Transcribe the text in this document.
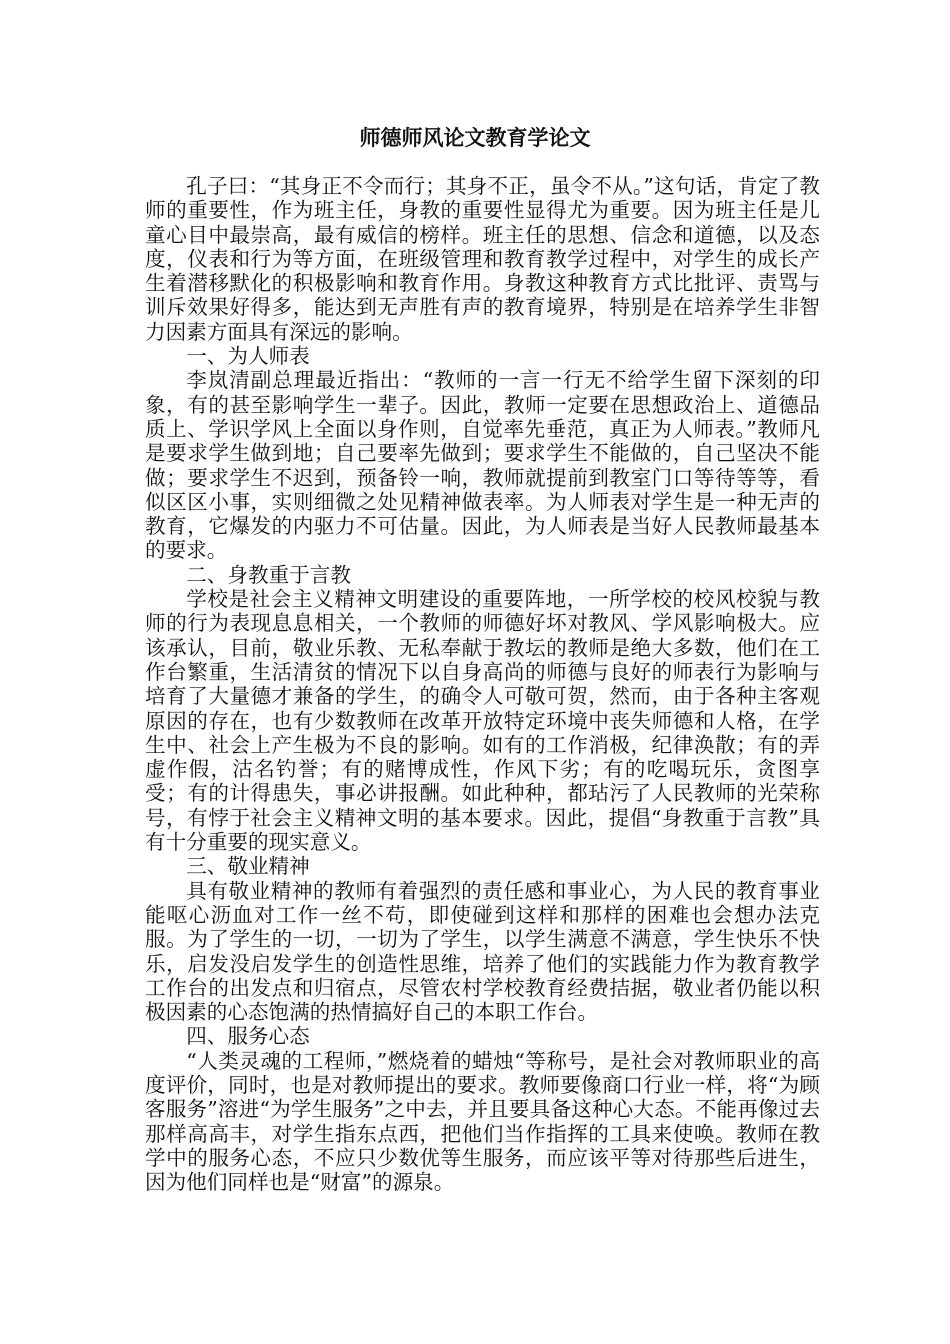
师德师风论文教育学论文

孔子曰：“其身正不令而行；其身不正，虽令不从。”这句话，肯定了教师的重要性，作为班主任，身教的重要性显得尤为重要。因为班主任是儿童心目中最崇高，最有威信的榜样。班主任的思想、信念和道德，以及态度，仪表和行为等方面，在班级管理和教育教学过程中，对学生的成长产生着潜移默化的积极影响和教育作用。身教这种教育方式比批评、责骂与训斥效果好得多，能达到无声胜有声的教育境界，特别是在培养学生非智力因素方面具有深远的影响。

一、为人师表

李岚清副总理最近指出：“教师的一言一行无不给学生留下深刻的印象，有的甚至影响学生一辈子。因此，教师一定要在思想政治上、道德品质上、学识学风上全面以身作则，自觉率先垂范，真正为人师表。”教师凡是要求学生做到地；自己要率先做到；要求学生不能做的，自己坚决不能做；要求学生不迟到，预备铃一响，教师就提前到教室门口等待等等，看似区区小事，实则细微之处见精神做表率。为人师表对学生是一种无声的教育，它爆发的内驱力不可估量。因此，为人师表是当好人民教师最基本的要求。

二、身教重于言教

学校是社会主义精神文明建设的重要阵地，一所学校的校风校貌与教师的行为表现息息相关，一个教师的师德好坏对教风、学风影响极大。应该承认，目前，敬业乐教、无私奉献于教坛的教师是绝大多数，他们在工作台繁重，生活清贫的情况下以自身高尚的师德与良好的师表行为影响与培育了大量德才兼备的学生，的确令人可敬可贺，然而，由于各种主客观原因的存在，也有少数教师在改革开放特定环境中丧失师德和人格，在学生中、社会上产生极为不良的影响。如有的工作消极，纪律涣散；有的弄虚作假，沽名钓誉；有的赌博成性，作风下劣；有的吃喝玩乐，贪图享受；有的计得患失，事必讲报酬。如此种种，都玷污了人民教师的光荣称号，有悖于社会主义精神文明的基本要求。因此，提倡“身教重于言教”具有十分重要的现实意义。

三、敬业精神

具有敬业精神的教师有着强烈的责任感和事业心，为人民的教育事业能呕心沥血对工作一丝不苟，即使碰到这样和那样的困难也会想办法克服。为了学生的一切，一切为了学生，以学生满意不满意，学生快乐不快乐，启发没启发学生的创造性思维，培养了他们的实践能力作为教育教学工作台的出发点和归宿点，尽管农村学校教育经费拮据，敬业者仍能以积极因素的心态饱满的热情搞好自己的本职工作台。

四、服务心态

“人类灵魂的工程师，”燃烧着的蜡烛“等称号，是社会对教师职业的高度评价，同时，也是对教师提出的要求。教师要像商口行业一样，将“为顾客服务”溶进“为学生服务”之中去，并且要具备这种心大态。不能再像过去那样高高丰，对学生指东点西，把他们当作指挥的工具来使唤。教师在教学中的服务心态，不应只少数优等生服务，而应该平等对待那些后进生，因为他们同样也是“财富”的源泉。
